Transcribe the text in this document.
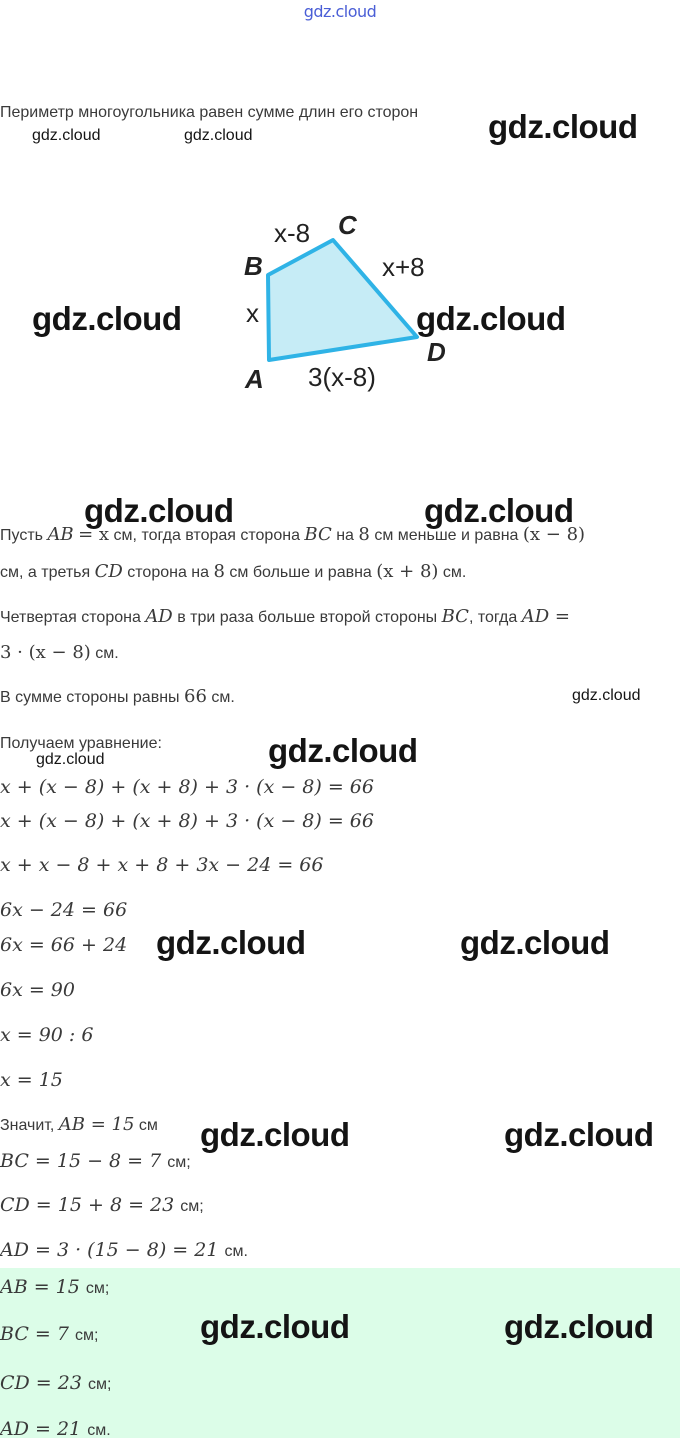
gdz.cloud
Периметр многоугольника равен сумме длин его сторон
B
C
D
A
x-8
x+8
x
3(x-8)
Пусть AB = x см, тогда вторая сторона BC на 8 см меньше и равна (x − 8)
см, а третья CD сторона на 8 см больше и равна (x + 8) см.
Четвертая сторона AD в три раза больше второй стороны BC, тогда AD =
3 · (x − 8) см.
В сумме стороны равны 66 см.
Получаем уравнение:
x + (x − 8) + (x + 8) + 3 · (x − 8) = 66
x + (x − 8) + (x + 8) + 3 · (x − 8) = 66
x + x − 8 + x + 8 + 3x − 24 = 66
6x − 24 = 66
6x = 66 + 24
6x = 90
x = 90 : 6
x = 15
Значит, AB = 15 см
BC = 15 − 8 = 7 см;
CD = 15 + 8 = 23 см;
AD = 3 · (15 − 8) = 21 см.
AB = 15 см;
BC = 7 см;
CD = 23 см;
AD = 21 см.
gdz.cloud
gdz.cloud	gdz.cloud
gdz.cloud	gdz.cloud
gdz.cloud	gdz.cloud
gdz.cloud
gdz.cloud
gdz.cloud
gdz.cloud	gdz.cloud
gdz.cloud	gdz.cloud
gdz.cloud	gdz.cloud
